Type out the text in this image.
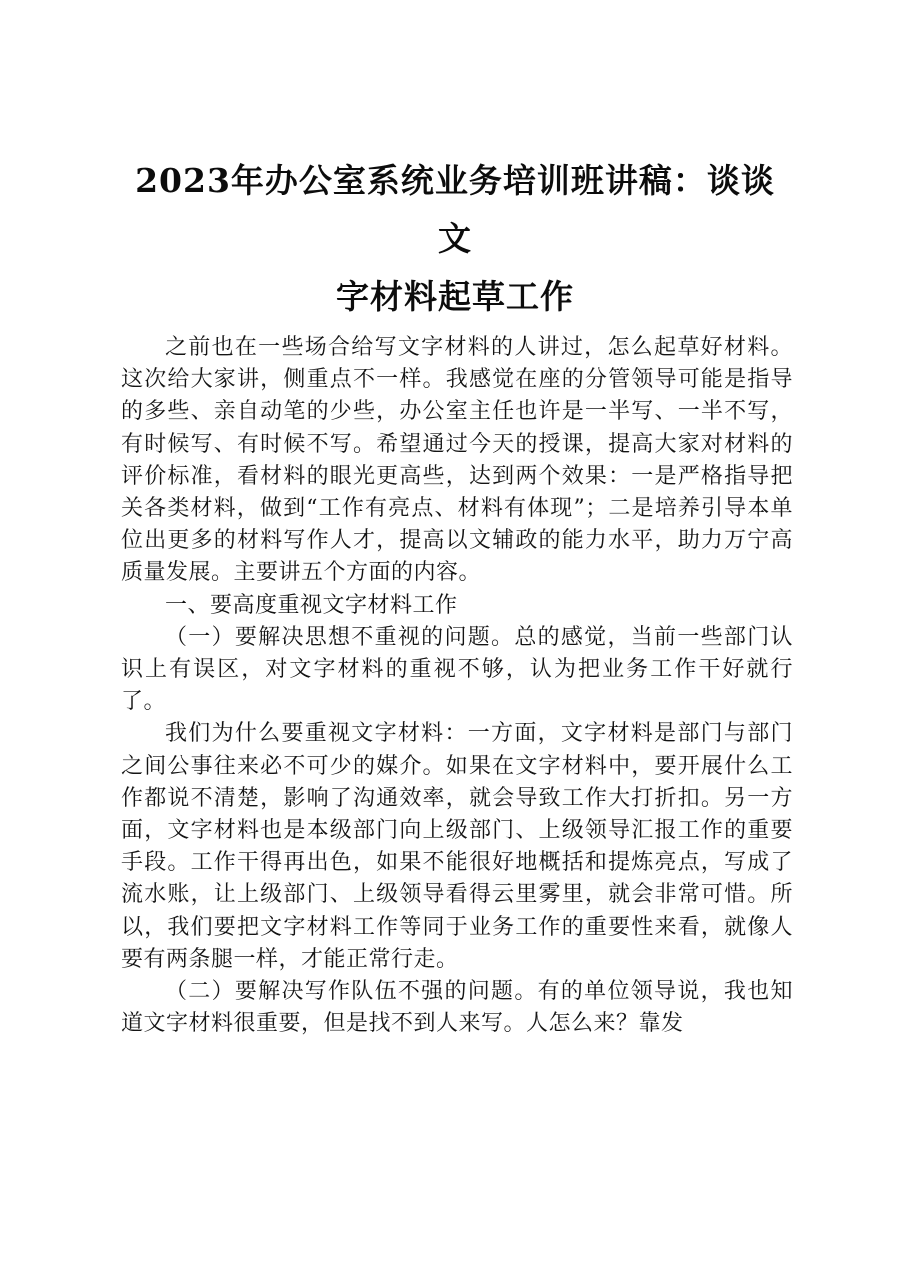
2023年办公室系统业务培训班讲稿：谈谈文
字材料起草工作

之前也在一些场合给写文字材料的人讲过，怎么起草好材料。这次给大家讲，侧重点不一样。我感觉在座的分管领导可能是指导的多些、亲自动笔的少些，办公室主任也许是一半写、一半不写，有时候写、有时候不写。希望通过今天的授课，提高大家对材料的评价标准，看材料的眼光更高些，达到两个效果：一是严格指导把关各类材料，做到“工作有亮点、材料有体现”；二是培养引导本单位出更多的材料写作人才，提高以文辅政的能力水平，助力万宁高质量发展。主要讲五个方面的内容。

一、要高度重视文字材料工作

（一）要解决思想不重视的问题。总的感觉，当前一些部门认识上有误区，对文字材料的重视不够，认为把业务工作干好就行了。

我们为什么要重视文字材料：一方面，文字材料是部门与部门之间公事往来必不可少的媒介。如果在文字材料中，要开展什么工作都说不清楚，影响了沟通效率，就会导致工作大打折扣。另一方面，文字材料也是本级部门向上级部门、上级领导汇报工作的重要手段。工作干得再出色，如果不能很好地概括和提炼亮点，写成了流水账，让上级部门、上级领导看得云里雾里，就会非常可惜。所以，我们要把文字材料工作等同于业务工作的重要性来看，就像人要有两条腿一样，才能正常行走。

（二）要解决写作队伍不强的问题。有的单位领导说，我也知道文字材料很重要，但是找不到人来写。人怎么来？靠发
